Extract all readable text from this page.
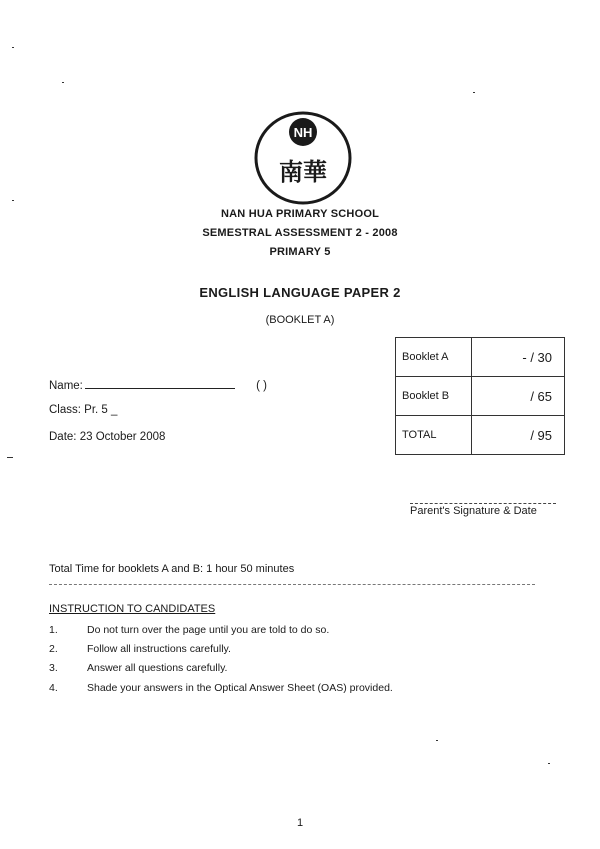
NH
南華
NAN HUA PRIMARY SCHOOL
SEMESTRAL ASSESSMENT 2 - 2008
PRIMARY 5
ENGLISH LANGUAGE PAPER 2
(BOOKLET A)
Name:	( )
Class: Pr. 5 _
Date: 23 October 2008
Booklet A	- / 30
Booklet B	/ 65
TOTAL	/ 95
Parent's Signature & Date
Total Time for booklets A and B: 1 hour 50 minutes
INSTRUCTION TO CANDIDATES
1.	Do not turn over the page until you are told to do so.
2.	Follow all instructions carefully.
3.	Answer all questions carefully.
4.	Shade your answers in the Optical Answer Sheet (OAS) provided.
1
